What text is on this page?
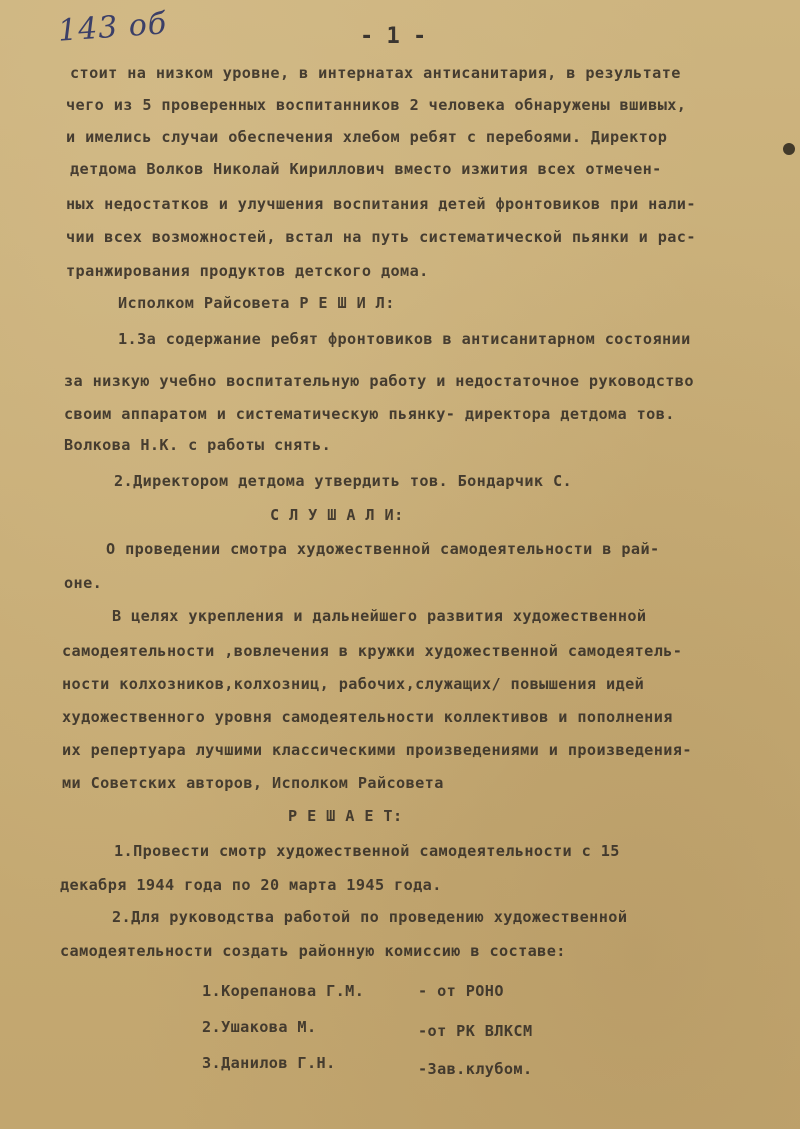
143 об	- 1 -
стоит на низком уровне, в интернатах антисанитария, в результате
чего из 5 проверенных воспитанников 2 человека обнаружены вшивых,
и имелись случаи обеспечения хлебом ребят с перебоями. Директор
детдома Волков Николай Кириллович вместо изжития всех отмечен-
ных недостатков и улучшения воспитания детей фронтовиков при нали-
чии всех возможностей, встал на путь систематической пьянки и рас-
транжирования продуктов детского дома.
Исполком Райсовета Р Е Ш И Л:
1.За содержание ребят фронтовиков в антисанитарном состоянии
за низкую учебно воспитательную работу и недостаточное руководство
своим аппаратом и систематическую пьянку- директора детдома тов.
Волкова Н.К. с работы снять.
2.Директором детдома утвердить тов. Бондарчик С.
С Л У Ш А Л И:
О проведении смотра художественной самодеятельности в рай-
оне.
В целях укрепления и дальнейшего развития художественной
самодеятельности ,вовлечения в кружки художественной самодеятель-
ности колхозников,колхозниц, рабочих,служащих/ повышения идей
художественного уровня самодеятельности коллективов и пополнения
их репертуара лучшими классическими произведениями и произведения-
ми Советских авторов, Исполком Райсовета
Р Е Ш А Е Т:
1.Провести смотр художественной самодеятельности с 15
декабря 1944 года по 20 марта 1945 года.
2.Для руководства работой по проведению художественной
самодеятельности создать районную комиссию в составе:
1.Корепанова Г.М.	- от РОНО
2.Ушакова М.	-от РК ВЛКСМ
3.Данилов Г.Н.	-Зав.клубом.
